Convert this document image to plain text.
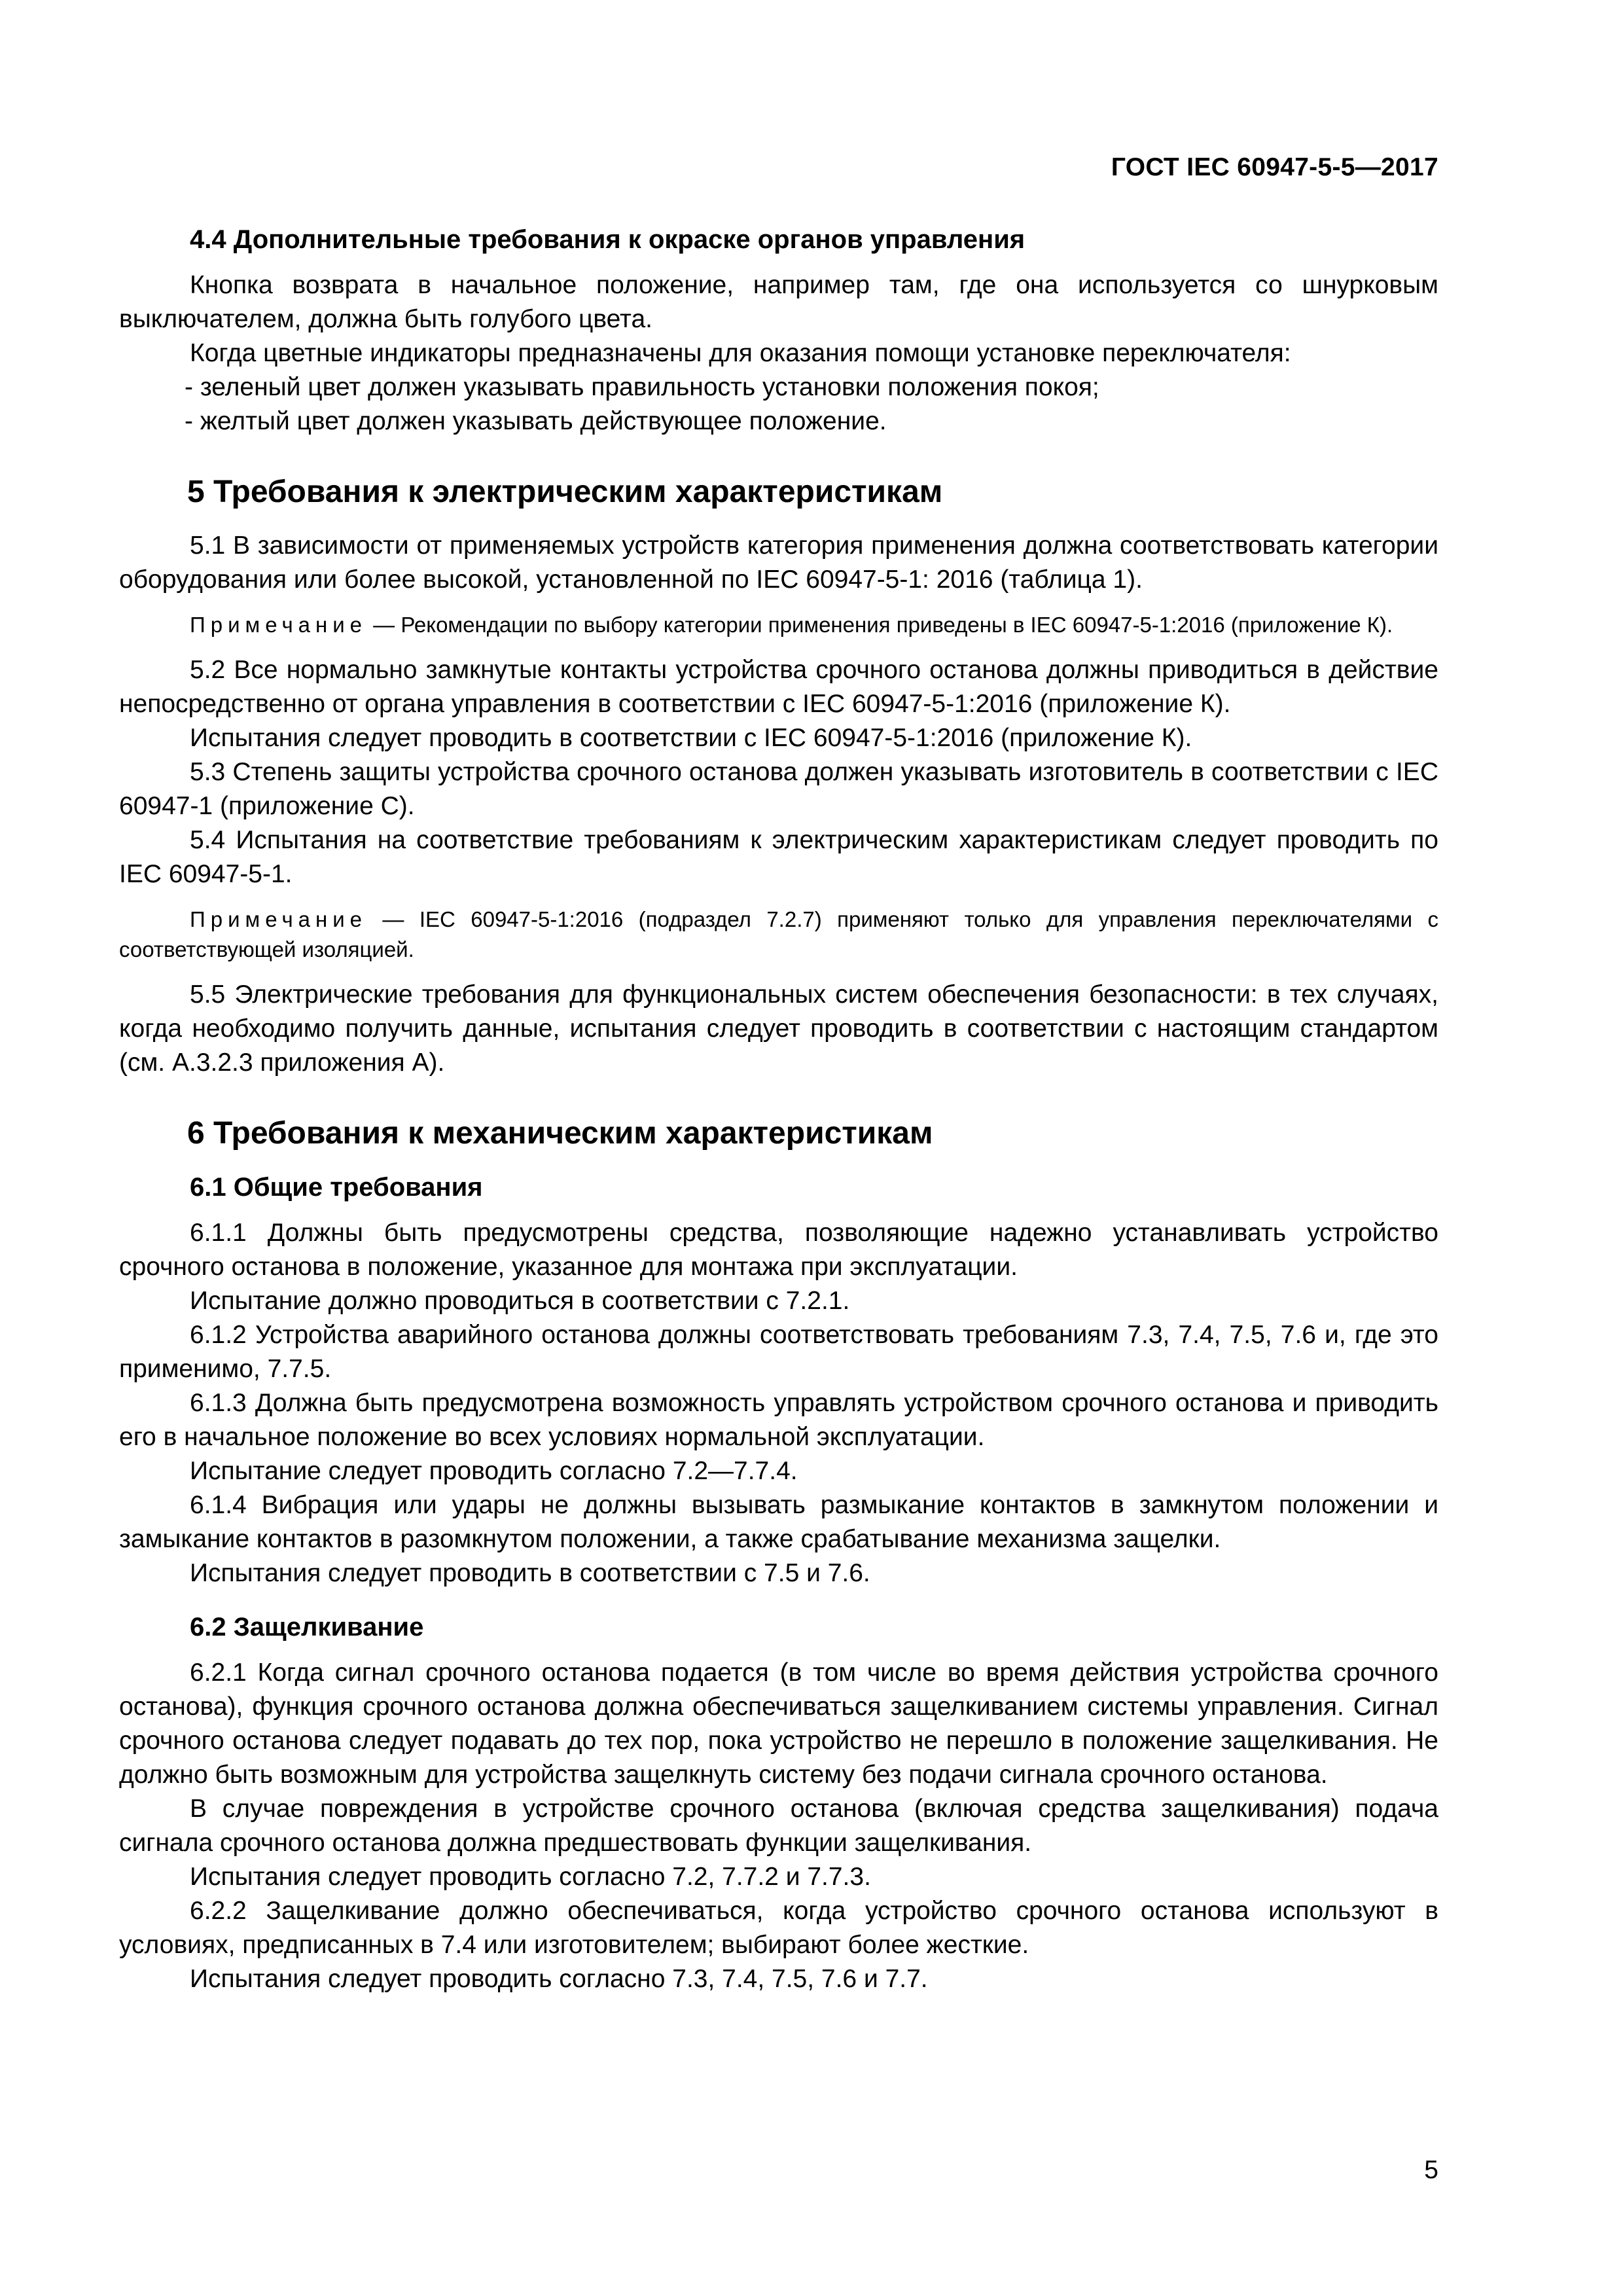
ГОСТ IEC 60947-5-5—2017
4.4 Дополнительные требования к окраске органов управления

Кнопка возврата в начальное положение, например там, где она используется со шнурковым выключателем, должна быть голубого цвета.

Когда цветные индикаторы предназначены для оказания помощи установке переключателя:

- зеленый цвет должен указывать правильность установки положения покоя;

- желтый цвет должен указывать действующее положение.

5 Требования к электрическим характеристикам

5.1 В зависимости от применяемых устройств категория применения должна соответствовать категории оборудования или более высокой, установленной по IEC 60947-5-1: 2016 (таблица 1).

Примечание — Рекомендации по выбору категории применения приведены в IEC 60947-5-1:2016 (приложение К).

5.2 Все нормально замкнутые контакты устройства срочного останова должны приводиться в действие непосредственно от органа управления в соответствии с IEC 60947-5-1:2016 (приложение К).

Испытания следует проводить в соответствии с IEC 60947-5-1:2016 (приложение К).

5.3 Степень защиты устройства срочного останова должен указывать изготовитель в соответствии с IEC 60947-1 (приложение С).

5.4 Испытания на соответствие требованиям к электрическим характеристикам следует проводить по IEC 60947-5-1.

Примечание — IEC 60947-5-1:2016 (подраздел 7.2.7) применяют только для управления переключателями с соответствующей изоляцией.

5.5 Электрические требования для функциональных систем обеспечения безопасности: в тех случаях, когда необходимо получить данные, испытания следует проводить в соответствии с настоящим стандартом (см. А.3.2.3 приложения А).

6 Требования к механическим характеристикам
6.1 Общие требования

6.1.1 Должны быть предусмотрены средства, позволяющие надежно устанавливать устройство срочного останова в положение, указанное для монтажа при эксплуатации.

Испытание должно проводиться в соответствии с 7.2.1.

6.1.2 Устройства аварийного останова должны соответствовать требованиям 7.3, 7.4, 7.5, 7.6 и, где это применимо, 7.7.5.

6.1.3 Должна быть предусмотрена возможность управлять устройством срочного останова и приводить его в начальное положение во всех условиях нормальной эксплуатации.

Испытание следует проводить согласно 7.2—7.7.4.

6.1.4 Вибрация или удары не должны вызывать размыкание контактов в замкнутом положении и замыкание контактов в разомкнутом положении, а также срабатывание механизма защелки.

Испытания следует проводить в соответствии с 7.5 и 7.6.

6.2 Защелкивание

6.2.1 Когда сигнал срочного останова подается (в том числе во время действия устройства срочного останова), функция срочного останова должна обеспечиваться защелкиванием системы управления. Сигнал срочного останова следует подавать до тех пор, пока устройство не перешло в положение защелкивания. Не должно быть возможным для устройства защелкнуть систему без подачи сигнала срочного останова.

В случае повреждения в устройстве срочного останова (включая средства защелкивания) подача сигнала срочного останова должна предшествовать функции защелкивания.

Испытания следует проводить согласно 7.2, 7.7.2 и 7.7.3.

6.2.2 Защелкивание должно обеспечиваться, когда устройство срочного останова используют в условиях, предписанных в 7.4 или изготовителем; выбирают более жесткие.

Испытания следует проводить согласно 7.3, 7.4, 7.5, 7.6 и 7.7.

5
